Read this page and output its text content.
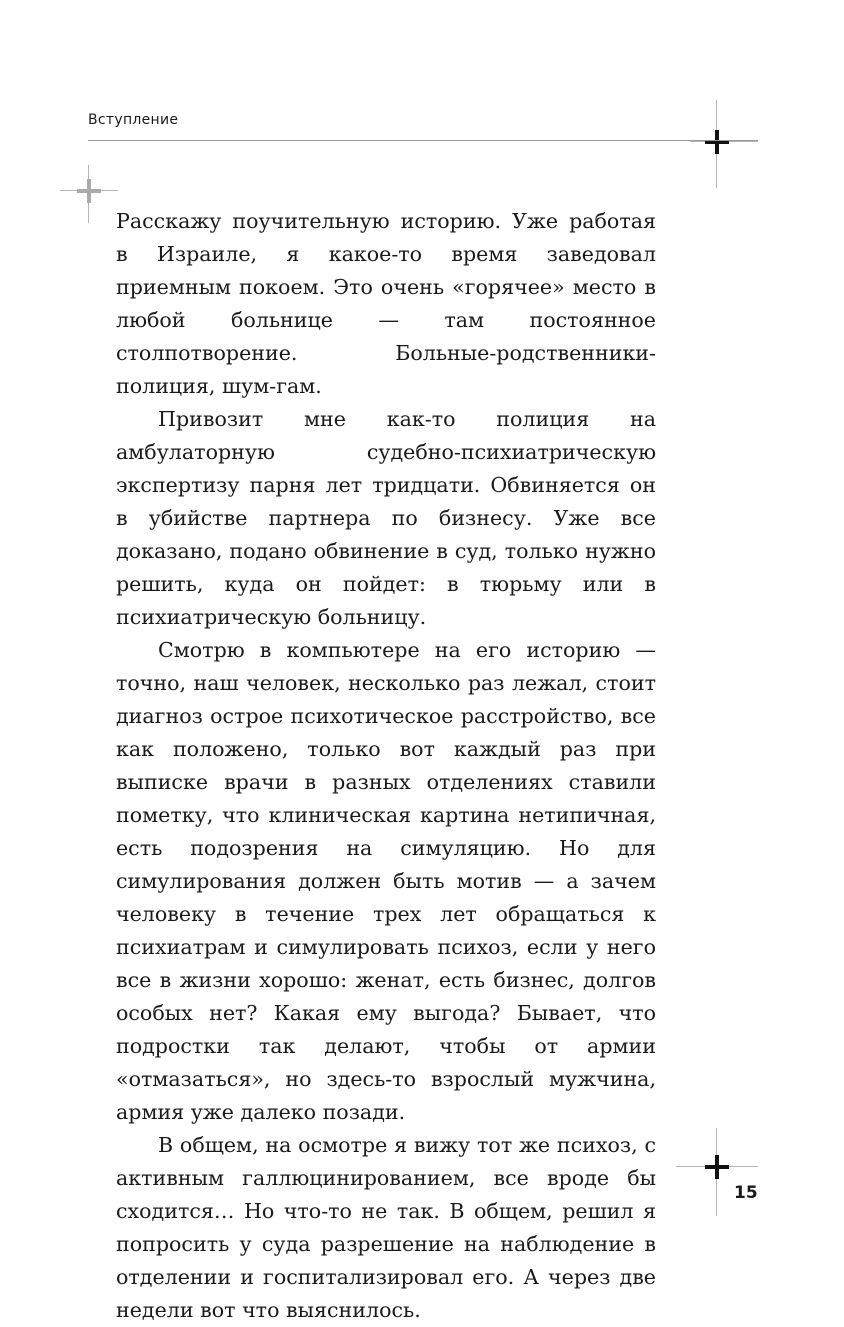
Вступление

Расскажу поучительную историю. Уже работая в Израиле, я какое-то время заведовал приемным покоем. Это очень «горячее» место в любой больнице — там постоянное столпотворение. Больные-родственники-полиция, шум-гам.

Привозит мне как-то полиция на амбулаторную судебно-психиатрическую экспертизу парня лет тридцати. Обвиняется он в убийстве партнера по бизнесу. Уже все доказано, подано обвинение в суд, только нужно решить, куда он пойдет: в тюрьму или в психиатрическую больницу.

Смотрю в компьютере на его историю — точно, наш человек, несколько раз лежал, стоит диагноз острое психотическое расстройство, все как положено, только вот каждый раз при выписке врачи в разных отделениях ставили пометку, что клиническая картина нетипичная, есть подозрения на симуляцию. Но для симулирования должен быть мотив — а зачем человеку в течение трех лет обращаться к психиатрам и симулировать психоз, если у него все в жизни хорошо: женат, есть бизнес, долгов особых нет? Какая ему выгода? Бывает, что подростки так делают, чтобы от армии «отмазаться», но здесь-то взрослый мужчина, армия уже далеко позади.

В общем, на осмотре я вижу тот же психоз, с активным галлюцинированием, все вроде бы сходится… Но что-то не так. В общем, решил я попросить у суда разрешение на наблюдение в отделении и госпитализировал его. А через две недели вот что выяснилось.

15
